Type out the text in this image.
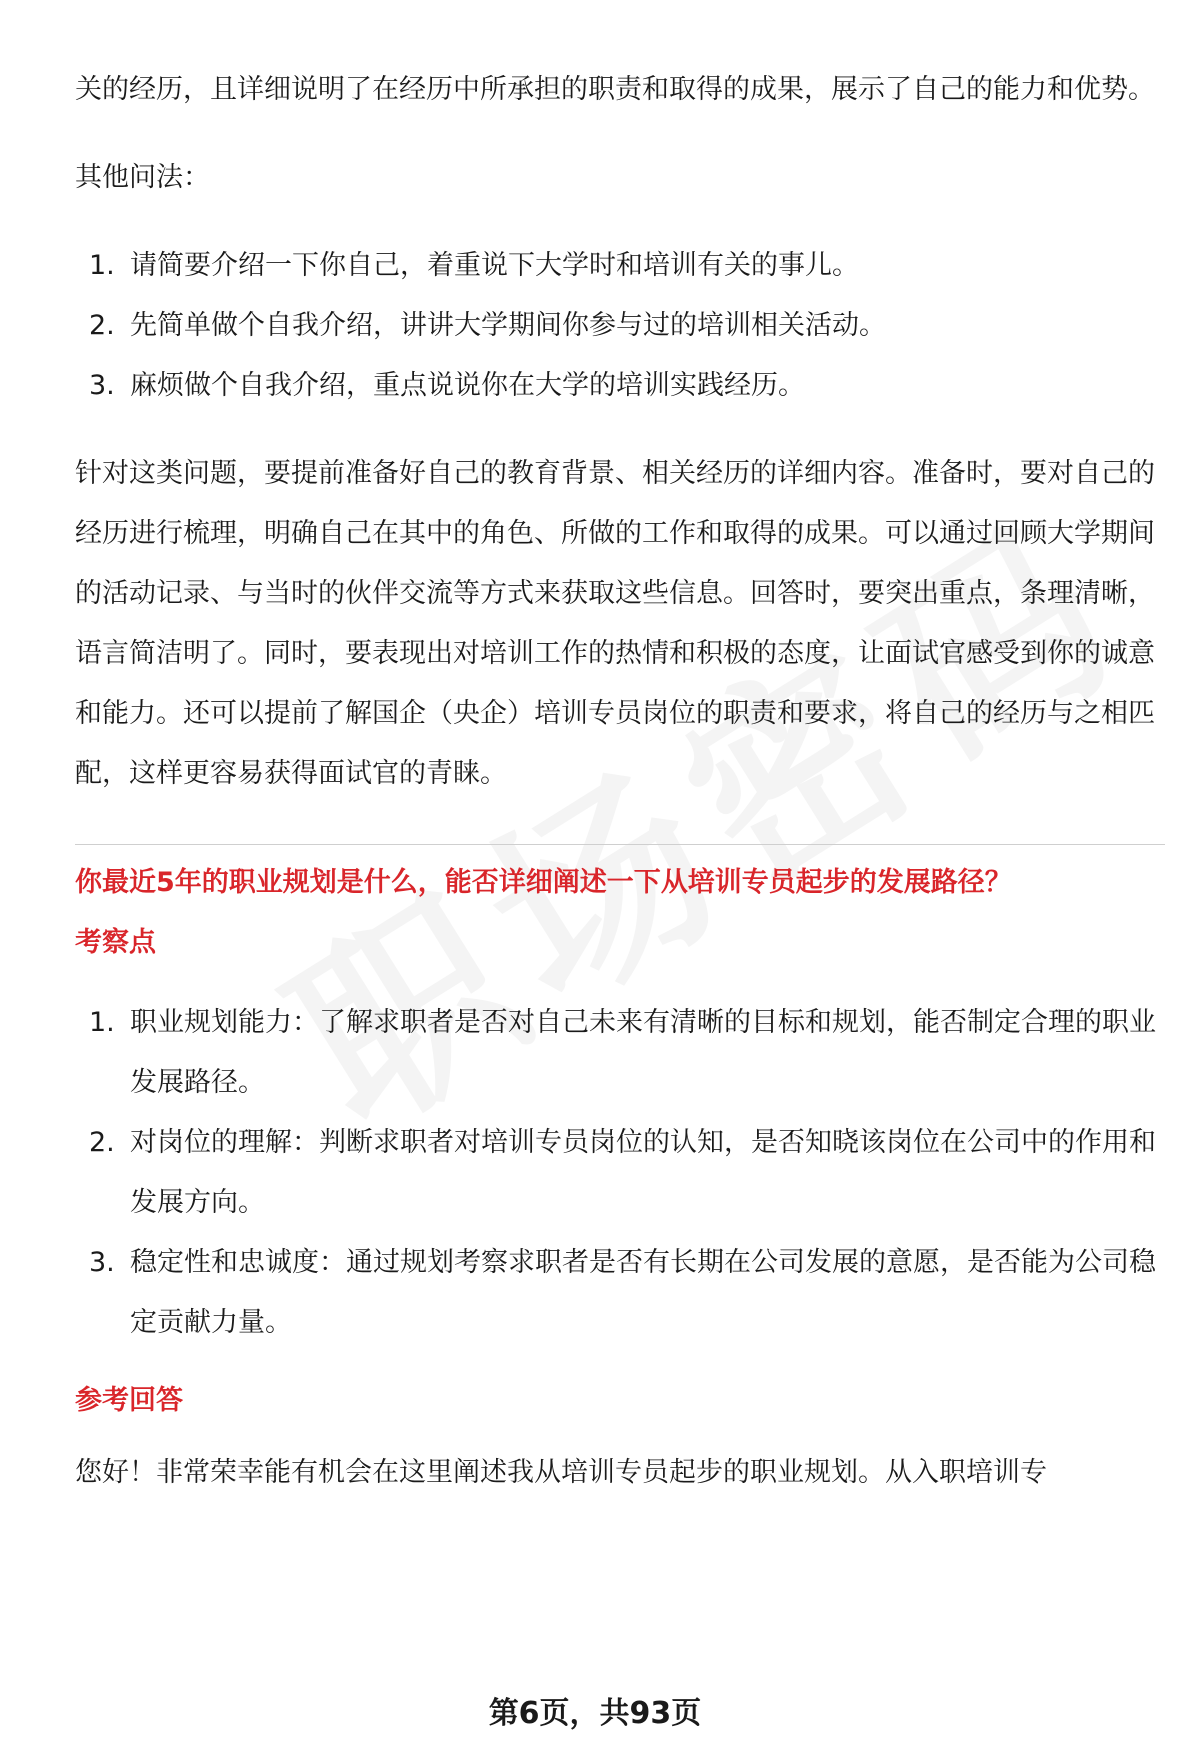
关的经历，且详细说明了在经历中所承担的职责和取得的成果，展示了自己的能力和优势。

其他问法：

1. 请简要介绍一下你自己，着重说下大学时和培训有关的事儿。
2. 先简单做个自我介绍，讲讲大学期间你参与过的培训相关活动。
3. 麻烦做个自我介绍，重点说说你在大学的培训实践经历。

针对这类问题，要提前准备好自己的教育背景、相关经历的详细内容。准备时，要对自己的经历进行梳理，明确自己在其中的角色、所做的工作和取得的成果。可以通过回顾大学期间的活动记录、与当时的伙伴交流等方式来获取这些信息。回答时，要突出重点，条理清晰，语言简洁明了。同时，要表现出对培训工作的热情和积极的态度，让面试官感受到你的诚意和能力。还可以提前了解国企（央企）培训专员岗位的职责和要求，将自己的经历与之相匹配，这样更容易获得面试官的青睐。

你最近5年的职业规划是什么，能否详细阐述一下从培训专员起步的发展路径？
考察点
1. 职业规划能力：了解求职者是否对自己未来有清晰的目标和规划，能否制定合理的职业发展路径。
2. 对岗位的理解：判断求职者对培训专员岗位的认知，是否知晓该岗位在公司中的作用和发展方向。
3. 稳定性和忠诚度：通过规划考察求职者是否有长期在公司发展的意愿，是否能为公司稳定贡献力量。
参考回答

您好！非常荣幸能有机会在这里阐述我从培训专员起步的职业规划。从入职培训专

第6页，共93页
